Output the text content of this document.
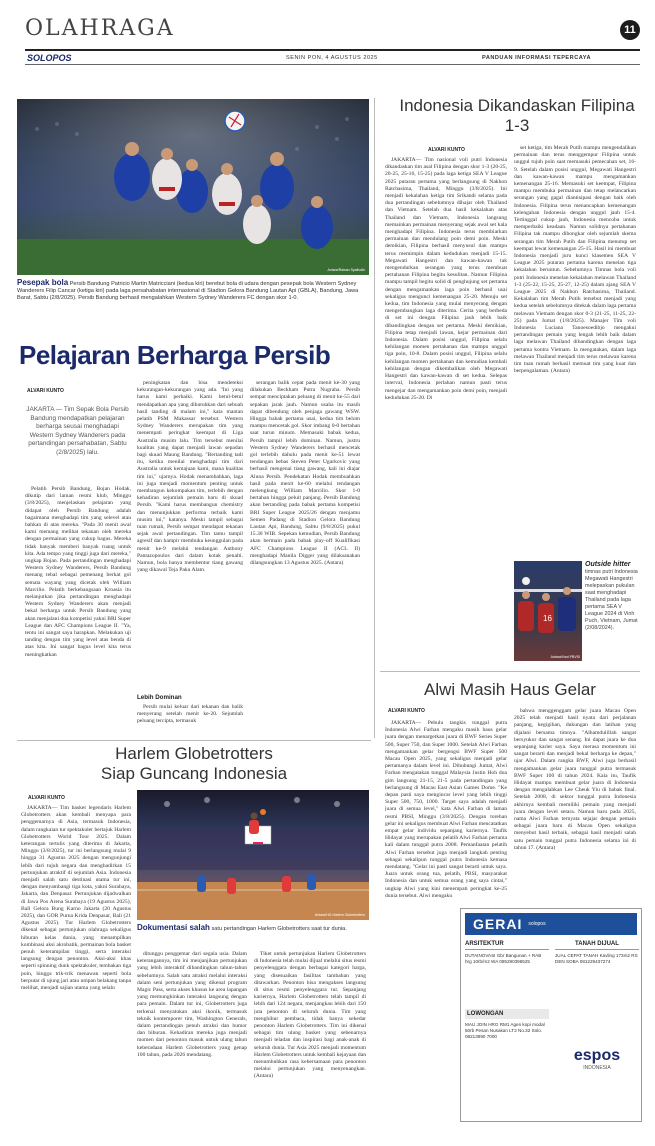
OLAHRAGA	11
SOLOPOS	SENIN PON, 4 AGUSTUS 2025	PANDUAN INFORMASI TEPERCAYA
Antara/Raisan Syaifudin
Pesepak bola Persib Bandung Patricio Martin Matricciani (kedua kiri) berebut bola di udara dengan pesepak bola Western Sydney Wanderers Filip Cancar (ketiga kiri) pada laga persahabatan internasional di Stadion Gelora Bandung Lautan Api (GBLA), Bandung, Jawa Barat, Sabtu (2/8/2025). Persib Bandung berhasil mengalahkan Western Sydney Wanderers FC dengan skor 1-0.
Pelajaran Berharga Persib
ALVARI KUNTO
JAKARTA — Tim Sepak Bola Persib Bandung mendapatkan pelajaran berharga seusai menghadapi Western Sydney Wanderers pada pertandingan persahabatan, Sabtu (2/8/2025) lalu.

Pelatih Persib Bandung, Bojan Hodak, dikutip dari laman resmi klub, Minggu (3/8/2025), menjelaskan pelajaran yang didapat oleh Persib Bandung adalah bagaimana menghadapi tim yang selevel atau bahkan di atas mereka. "Pada 30 menit awal kami memang melihat tekanan oleh mereka dengan permainan yang cukup bagus. Mereka tidak banyak memberi banyak ruang untuk kita. Ada tempo yang tinggi juga dari mereka," ungkap Bojan. Pada pertandingan menghadapi Western Sydney Wanderers, Persib Bandung menang tebal sebagai pemenang berkat gol semata wayang yang dicetak oleh William Marcilio. Pelatih berkebangsaan Kroasia itu melanjutkan jika pertandingan menghadapi Western Sydney Wanderers akan menjadi bekal berharga untuk Persib Bandung yang akan menjalani dua kompetisi yakni BRI Super League dan AFC Champions League II. "Ya, tentu ini sangat saya harapkan. Melakukan uji tanding dengan tim yang level atas benda di atas kita. Ini sangat bagus level kita terus meningkatkan

peningkatan dan bisa mendeteksi kekurangan-kekurangan yang ada. "Ini yang harus kami perbaiki. Kami betul-betul mendapatkan apa yang dibutuhkan dari sebuah hasil tanding di malam ini," kata mantan pelatih PSM Makassar tersebut. Western Sydney Wanderers merupakan tim yang menempati peringkat keempat di Liga Australia musim lalu. Tim tersebut menilai kualitas yang dapat menjadi lawan sepadan bagi skuad Maung Bandung. "Bertanding tadi itu, ketika menilai menghadapi tim dari Australia untuk kemajuan kami, mana kualitas tim ini," ujarnya. Hodak menambahkan, laga ini juga menjadi momentum penting untuk membangun kekompakan tim, terlebih dengan kehadiran sejumlah pemain baru di skuad Persib. "Kami harus membangun chemistry dan menunjukkan performa terbaik kami musim ini," katanya. Meski tampil sebagai tuan rumah, Persib sempat mendapat tekanan sejak awal pertandingan. Tim tamu tampil agresif dan hampir membuka keunggulan pada menit ke-9 melalui tendangan Anthony Pantazopoulos dari dalam kotak penalti. Namun, bola hanya membentur tiang gawang yang dikawal Teja Paku Alam.

Lebih Dominan

Persib mulai keluar dari tekanan dan balik menyerang setelah menit ke-20. Sejumlah peluang tercipta, termasuk

serangan balik cepat pada menit ke-30 yang dilakukan Beckham Putra Nugraha. Persib sempat menciptakan peluang di menit ke-55 dari sepakan jarak jauh. Namun usaha itu masih dapat dibendung oleh penjaga gawang WSW. Hingga babak pertama usai, kedua tim belum mampu mencetak gol. Skor imbang 0-0 bertahan saat turun minum. Memasuki babak kedua, Persib tampil lebih dominan. Namun, justru Western Sydney Wanderers berhasil mencetak gol terlebih dahulu pada menit ke-51 lewat tendangan bebas Steven Peter Ugarkovic yang berhasil mengenai tiang gawang, kali ini diajar Aluna Persib. Pendekatan Hodak membuahkan hasil pada menit ke-60 melalui tendangan melengkung William Marcilio. Skor 1-0 bertahan hingga peluit panjang. Persib Bandung akan bertanding pada babak pertama kompetisi BRI Super League 2025/26 dengan menjamu Semen Padang di Stadion Gelora Bandung Lautan Api, Bandung, Sabtu (9/8/2025) pukul 15.30 WIB. Sepekan kemudian, Persib Bandung akan bermain pada babak play-off Kualifikasi AFC Champions League II (ACL II) menghadapi Manila Digger yang dilaksanakan dilangsungkan 13 Agustus 2025. (Antara)

Indonesia Dikandaskan Filipina 1-3
ALVARI KUNTO

JAKARTA— Tim nasional voli putri Indonesia dikandaskan tim asal Filipina dengan skor 1-3 (20-25, 20-25, 25-16, 15-25) pada laga ketiga SEA V League 2025 putaran pertama yang berlangsung di Nakhon Ratchasima, Thailand, Minggu (3/8/2025). Ini menjadi kekalahan ketiga tim Srikandi selama pada dua pertandingan sebelumnya dihajar oleh Thailand dan Vietnam. Setelah dua hasil kekalahan atas Thailand dan Vietnam, Indonesia langsung memainkan permainan menyerang sejak awal set kala menghadapi Filipina. Indonesia terus membiarkan permainan dan mendulang poin demi poin. Meski demikian, Filipina berhasil menyusul dan mampu terus memimpin dalam kedudukan menjadi 15-15. Megawati Hangestri dan kawan-kawan tak mengendurkan serangan yang terus membuat pertahanan Filipina begitu kesulitan. Namun Filipina mampu tampil begitu solid di penghujung set pertama dengan mengamankan laga poin berhasil usai sekaligus mengunci kemenangan 25-20. Menuju set kedua, tim Indonesia yang mulai menyerang dengan mengembangkan laga diterima. Cerita yang berbeda di set ini dengan Filipina jauh lebih baik dibandingkan dengan set pertama. Meski demikian, Filipina tetap menjadi lawan, kejar permainan dari Indonesia. Dalam posisi unggul, Filipina selalu kehilangan momen pertahanan dan mampu unggul tiga poin, 10-8. Dalam posisi unggul, Filipina selalu kehilangan momen pertahanan dan kemudian kembali kehilangan dengan dikembalikan oleh Megawati Hangestri dan kawan-kawan di set kedua. Selepas interval, Indonesia perlahan namun pasti terus mengejar dan mengamankan poin demi poin, menjadi kedudukan 25-20. Di

set ketiga, tim Merah Putih mampu mengendalikan permainan dan terus menggempur Filipina untuk unggul tujuh poin saat memasuki pemecahan set, 16-9. Setelah dalam posisi unggul, Megawati Hangestri dan kawan-kawan mampu mengamankan kemenangan 25-16. Memasuki set keempat, Filipina mampu membuka permainan dan tetap melancarkan serangan yang gagal diantisipasi dengan baik oleh Indonesia. Filipina terus menancapkan kemenangan kelengahan Indonesia dengan unggul jauh 15-4. Tertinggal cukup jauh, Indonesia mencoba untuk memperbaiki keadaan. Namun solidnya pertahanan Filipina tak mampu dibongkar oleh sejumlah skema serangan tim Merah Putih dan Filipina menutup set keempat lewat kemenangan 25-15. Hasil ini membuat Indonesia menjadi juru kunci klasemen SEA V League 2025 putaran pertama karena menelan tiga kekalahan beruntun. Sebelumnya Timnas bola voli putri Indonesia menelan kekalahan melawan Thailand 1-3 (25-22, 15-25, 25-27, 12-25) dalam ajang SEA V League 2025 di Nakhon Ratchasima, Thailand. Kekalahan tim Merah Putih tersebut menjadi yang kedua setelah sebelumnya ditekuk dalam laga pertama melawan Vietnam dengan skor 0-3 (21-25, 11-25, 22-25) pada Jumat (1/8/2025). Manajer Tim voli Indonesia Luciana Tanoesoedibjo mengakui pertandingan pemain yang lengah lebih baik dalam laga melawan Thailand dibandingkan dengan laga pertama kontra Vietnam. Ia mengatakan, dalam laga melawan Thailand menjadi tim terus melawan karena tim tuan rumah berhasil memuat tim yang kuat dan berpengalaman. (Antara)

16
Antara/Vwd PBVSI
Outside hitter timnas putri Indonesia Megawati Hangestri melepaskan pukulan saat menghadapi Thailand pada laga pertama SEA V League 2024 di Vinh Puch, Vietnam, Jumat (2/08/2024).
Alwi Masih Haus Gelar
ALVARI KUNTO

JAKARTA— Pebulu tangkis tunggal putra Indonesia Alwi Farhan mengaku masih haus gelar juara dengan menargetkan juara di BWF Series Super 500, Super 750, dan Super 1000. Setelah Alwi Farhan mengamankan gelar bergengsi BWF Super 500 Macau Open 2025, yang sekaligus menjadi gelar pertamanya dalam level ini. Dihubungi Jumat, Alwi Farhan mengatakan tunggal Malaysia Justin Hoh dua gim langsung 21-15, 21-5 pada pertandingan yang berlangsung di Macau East Asian Games Dome. "Ke depan pasti saya mengincar level yang lebih tinggi Super 500, 750, 1000. Target saya adalah menjadi juara di semua level," kata Alwi Farhan di laman resmi PBSI, Minggu (3/8/2025). Dengan torehan gelar ini sekaligus membuat Alwi Farhan mencatatkan empat gelar individu sepanjang kariernya. Taufik Hidayat yang merupakan pelatih Alwi Farhan pertama kali dalam tunggal putra 2008. Pemanfaatan pelatih Alwi Farhan tersebut juga menjadi langkah penting sebagai sekalipun tunggal putra Indonesia kemasa mendatang. "Gelar ini pasti sangat berarti untuk saya. Juara untuk orang tua, pelatih, PBSI, masyarakat Indonesia dan untuk semua orang yang saya cintai," ungkap Alwi yang kini menempati peringkat ke-25 dunia tersebut. Alwi mengaku

bahwa menggenggam gelar juara Macau Open 2025 telah menjadi hasil nyata dari perjalanan panjang, kegigihan, dukungan dan latihan yang dijalani bersama timnya. "Alhamdulillah sangat bersyukur dan sangat senang. Ini dapat juara ke dua sepanjang karier saya. Saya merasa momentum ini sangat berarti dan menjadi bekal berharga ke depan," ujar Alwi. Dalam rangka BWF, Alwi juga berhasil mengamankan gelar juara tunggal putra termasuk BWF Super 100 di tahun 2024. Kala itu, Taufik Hidayat mampu membuat gelar juara di Indonesia dengan mengalahkan Lee Cheuk Yiu di babak final. Setelah 2008, di sektor tunggal putra Indonesia akhirnya kembali memiliki pemain yang menjadi juara dengan level setara. Namun baru pada 2025, nama Alwi Farhan ternyata sejajar dengan pemain sebagai juara baru di Macau Open sekaligus menyebut hasil terbaik, sebagai hasil menjadi salah satu pemain tunggal putra Indonesia selama ini di tahun 17. (Antara)

GERAI solopos
ARSITEKTUR
DUTAINOVASI Gbr Bangunan + RAB hrg 10rb/m2 WA 085290396525
TANAH DIJUAL
JUAL CEPAT TANAH Kavling 173m2 RS DEN SOBA 081229437274
LOWONGAN
MAU JOIN HRG RM1 Agen kopi modal 50rb Pesan Nusakan LT2 No.32 Solo. 08213990 7000
espos
INDONESIA
Harlem Globetrotters
Siap Guncang Indonesia
ALVARI KUNTO

JAKARTA— Tim basket legendaris Harlem Globetrotters akan kembali menyapa para penggemarnya di Asia, termasuk Indonesia, dalam rangkaian tur spektakuler bertajuk Harlem Globetrotters World Tour 2025. Dalam keterangan tertulis yang diterima di Jakarta, Minggu (3/8/2025), tur ini berlangsung mulai 9 hingga 31 Agustus 2025 dengan mengunjungi lebih dari tujuh negara dan menghadirkan 15 pertunjukan atraktif di sejumlah Asia. Indonesia menjadi salah satu destinasi utama tur ini, dengan menyambangi tiga kota, yakni Surabaya, Jakarta, dan Denpasar. Pertunjukan dijadwalkan di Jawa Pos Arena Surabaya (19 Agustus 2025), Ball Gelora Bung Karno Jakarta (20 Agustus 2025), dan GOR Purna Krida Denpasar, Bali (21 Agustus 2025). Tur Harlem Globetrotters dikenal sebagai pertunjukan olahraga sekaligus hiburan kelas dunia, yang menampilkan kombinasi aksi akrobatik, permainan bola basket penuh keterampilan tinggi, serta interaksi langsung dengan penonton. Aksi-aksi khas seperti spinning dunk spektakuler, tembakan tiga poin, hingga trik-trik menawan seperti bola berputar di ujung jari atau umpan belakang tanpa melihat, menjadi sajian utama yang selalu

Antara/HO-Harlem Globetrotters
Dokumentasi salah satu pertandingan Harlem Globetrotters saat tur dunia.

ditunggu penggemar dari segala usia. Dalam keterangannya, tim ini menjanjikan pertunjukan yang lebih interaktif dibandingkan tahun-tahun sebelumnya. Salah satu atraksi melalui interaksi dalam seni pertunjukan yang dikenal program Magic Pass, serta akses khusus ke area lapangan yang memungkinkan interaksi langsung dengan para pemain. Dalam tur ini, Globetrotters juga terkenal menyatukan aksi ikonik, termasuk teknik kontemporer tim, Washington Generals, dalam pertandingan penuh atraksi dan humor dan hiburan. Kehadiran mereka juga menjadi momen dari penonton masuk untuk ulang tahun keberadaan Harlem Globetrotters yang genap 100 tahun, pada 2026 mendatang.

Tiket untuk pertunjukan Harlem Globetrotters di Indonesia telah mulai dijual melalui situs resmi penyelenggara dengan berbagai kategori harga, yang disesuaikan fasilitas tambahan yang ditawarkan. Penonton bisa mengakses langsung di situs resmi penyelenggara tur. Sepanjang kariernya, Harlem Globetrotters telah tampil di lebih dari 124 negara, menjangkau lebih dari 150 juta penonton di seluruh dunia. Tim yang menghibur pembaca, tidak hanya sekedar penonton Harlem Globetrotters. Tim ini dikenal sebagai tim ulung basket yang sebenarnya menjadi teladan dan inspirasi bagi anak-anak di seluruh dunia. Tur Asia 2025 menjadi momentum Harlem Globetrotters untuk kembali kejayaan dan menumbuhkan rasa kebersamaan para penonton melalui pertunjukan yang menyenangkan. (Antara)
